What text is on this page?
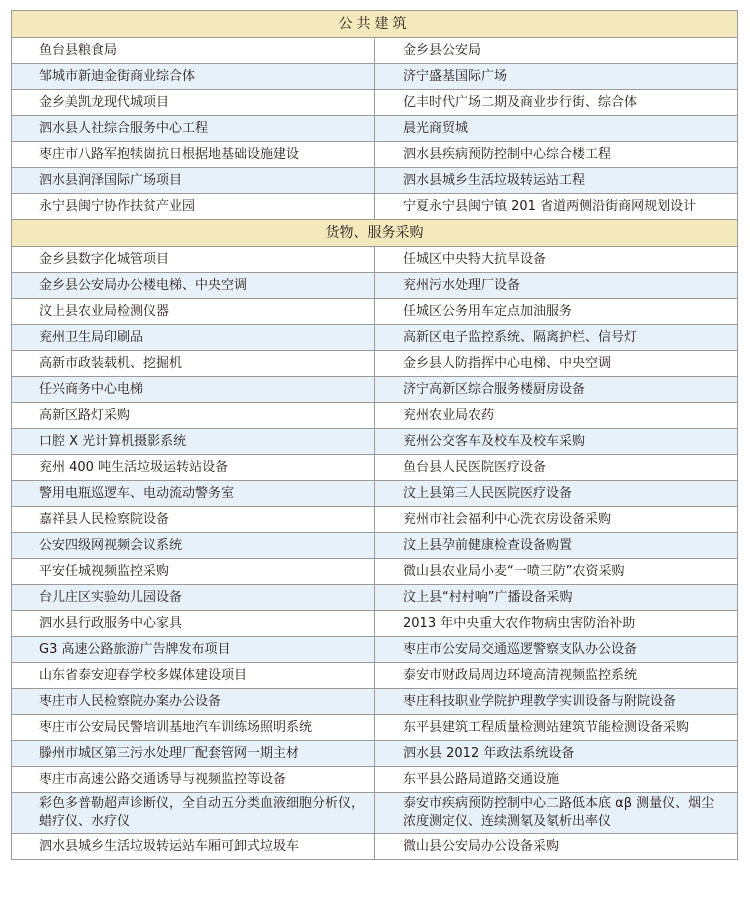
公共建筑	
鱼台县粮食局	金乡县公安局
邹城市新迪金街商业综合体	济宁盛基国际广场
金乡美凯龙现代城项目	亿丰时代广场二期及商业步行街、综合体
泗水县人社综合服务中心工程	晨光商贸城
枣庄市八路军抱犊崮抗日根据地基础设施建设	泗水县疾病预防控制中心综合楼工程
泗水县润泽国际广场项目	泗水县城乡生活垃圾转运站工程
永宁县闽宁协作扶贫产业园	宁夏永宁县闽宁镇 201 省道两侧沿街商网规划设计
货物、服务采购	
金乡县数字化城管项目	任城区中央特大抗旱设备
金乡县公安局办公楼电梯、中央空调	兖州污水处理厂设备
汶上县农业局检测仪器	任城区公务用车定点加油服务
兖州卫生局印刷品	高新区电子监控系统、隔离护栏、信号灯
高新市政装载机、挖掘机	金乡县人防指挥中心电梯、中央空调
任兴商务中心电梯	济宁高新区综合服务楼厨房设备
高新区路灯采购	兖州农业局农药
口腔 X 光计算机摄影系统	兖州公交客车及校车及校车采购
兖州 400 吨生活垃圾运转站设备	鱼台县人民医院医疗设备
警用电瓶巡逻车、电动流动警务室	汶上县第三人民医院医疗设备
嘉祥县人民检察院设备	兖州市社会福利中心洗衣房设备采购
公安四级网视频会议系统	汶上县孕前健康检查设备购置
平安任城视频监控采购	微山县农业局小麦“一喷三防”农资采购
台儿庄区实验幼儿园设备	汶上县“村村响”广播设备采购
泗水县行政服务中心家具	2013 年中央重大农作物病虫害防治补助
G3 高速公路旅游广告牌发布项目	枣庄市公安局交通巡逻警察支队办公设备
山东省泰安迎春学校多媒体建设项目	泰安市财政局周边环境高清视频监控系统
枣庄市人民检察院办案办公设备	枣庄科技职业学院护理教学实训设备与附院设备
枣庄市公安局民警培训基地汽车训练场照明系统	东平县建筑工程质量检测站建筑节能检测设备采购
滕州市城区第三污水处理厂配套管网一期主材	泗水县 2012 年政法系统设备
枣庄市高速公路交通诱导与视频监控等设备	东平县公路局道路交通设施
彩色多普勒超声诊断仪，全自动五分类血液细胞分析仪，蜡疗仪、水疗仪	泰安市疾病预防控制中心二路低本底 αβ 测量仪、烟尘浓度测定仪、连续测氡及氡析出率仪
泗水县城乡生活垃圾转运站车厢可卸式垃圾车	微山县公安局办公设备采购
